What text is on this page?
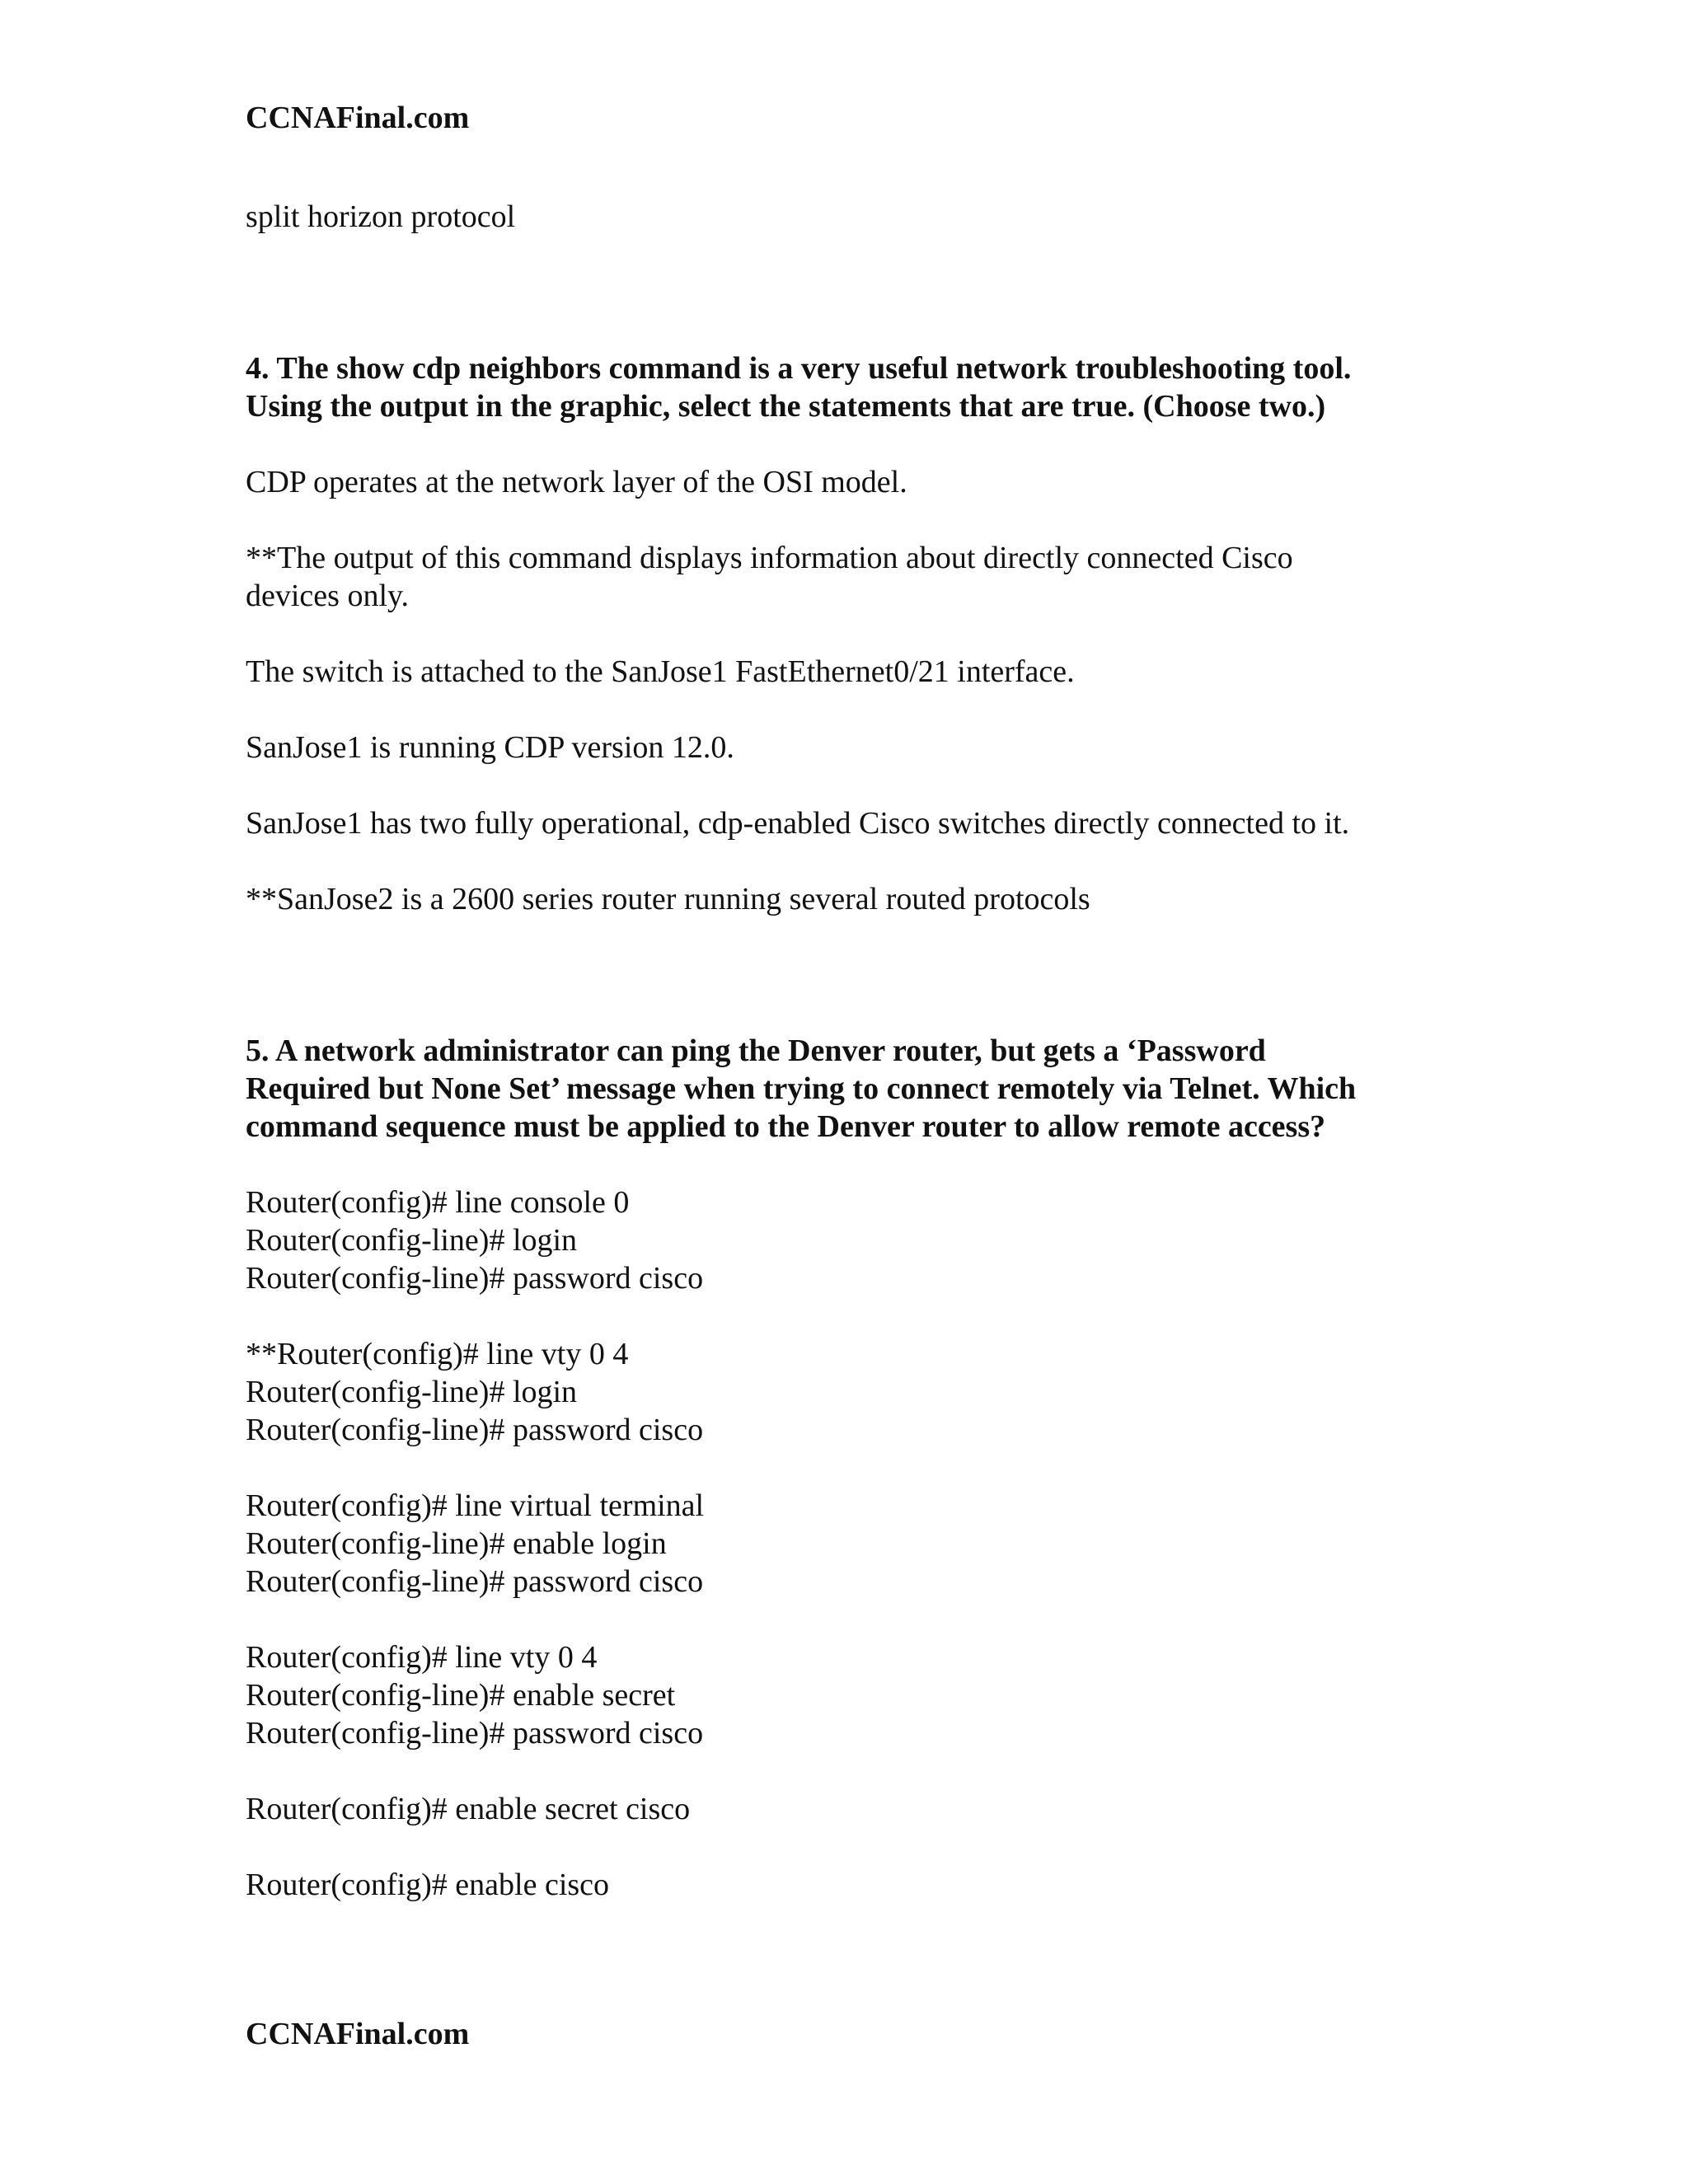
CCNAFinal.com

split horizon protocol

4. The show cdp neighbors command is a very useful network troubleshooting tool.

Using the output in the graphic, select the statements that are true. (Choose two.)

CDP operates at the network layer of the OSI model.

**The output of this command displays information about directly connected Cisco

devices only.

The switch is attached to the SanJose1 FastEthernet0/21 interface.

SanJose1 is running CDP version 12.0.

SanJose1 has two fully operational, cdp-enabled Cisco switches directly connected to it.

**SanJose2 is a 2600 series router running several routed protocols

5. A network administrator can ping the Denver router, but gets a ‘Password

Required but None Set’ message when trying to connect remotely via Telnet. Which

command sequence must be applied to the Denver router to allow remote access?

Router(config)# line console 0

Router(config-line)# login

Router(config-line)# password cisco

**Router(config)# line vty 0 4

Router(config-line)# login

Router(config-line)# password cisco

Router(config)# line virtual terminal

Router(config-line)# enable login

Router(config-line)# password cisco

Router(config)# line vty 0 4

Router(config-line)# enable secret

Router(config-line)# password cisco

Router(config)# enable secret cisco

Router(config)# enable cisco

CCNAFinal.com
